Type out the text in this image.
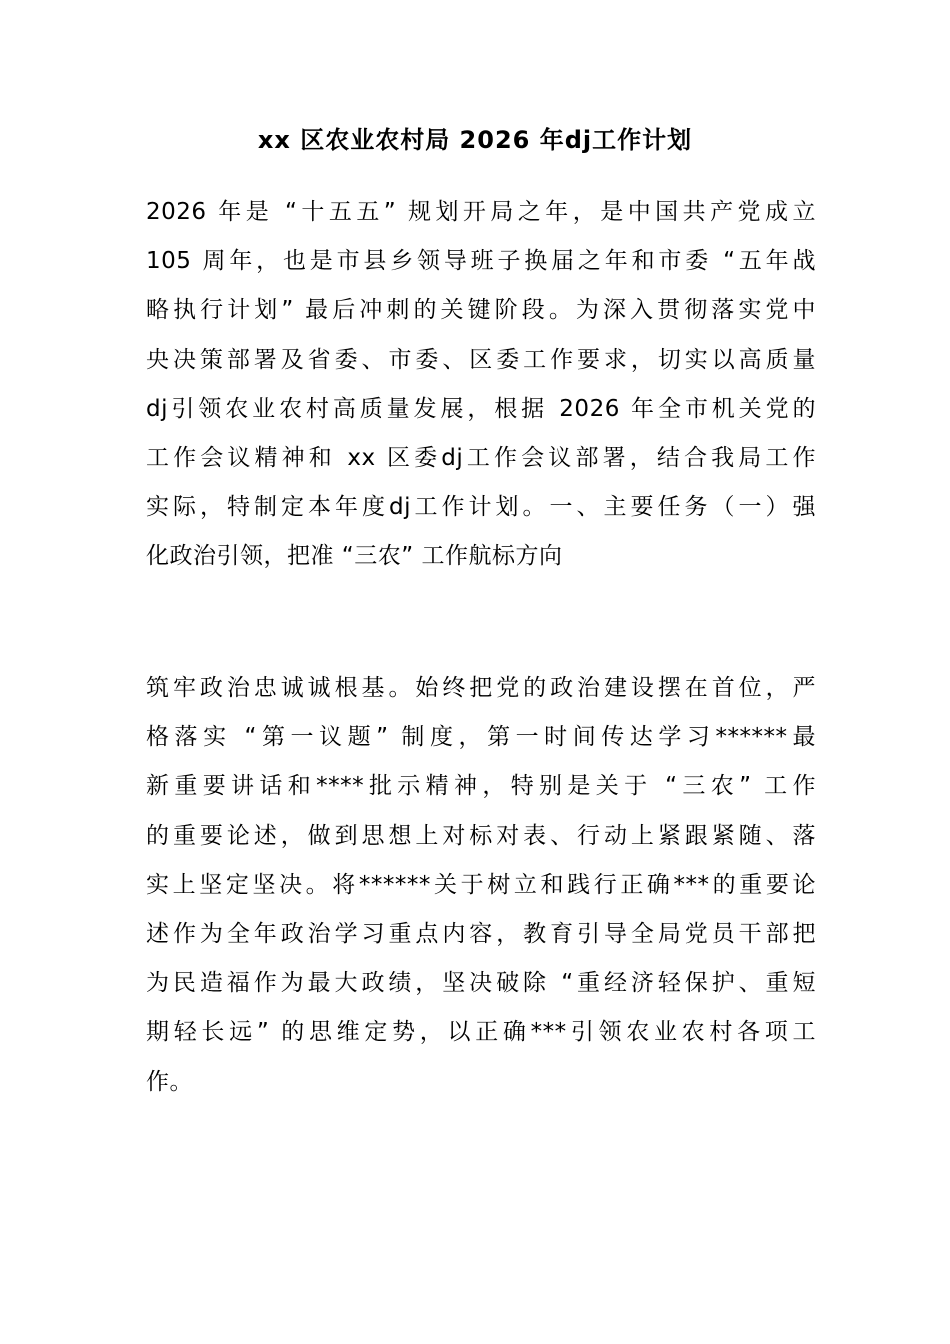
xx 区农业农村局 2026 年dj工作计划
2026 年是 “十五五” 规划开局之年，是中国共产党成立
105 周年，也是市县乡领导班子换届之年和市委 “五年战
略执行计划” 最后冲刺的关键阶段。为深入贯彻落实党中
央决策部署及省委、市委、区委工作要求，切实以高质量
dj引领农业农村高质量发展，根据 2026 年全市机关党的
工作会议精神和 xx 区委dj工作会议部署，结合我局工作
实际，特制定本年度dj工作计划。一、主要任务（一）强
化政治引领，把准 “三农” 工作航标方向
筑牢政治忠诚诚根基。始终把党的政治建设摆在首位，严
格落实 “第一议题” 制度，第一时间传达学习******最
新重要讲话和****批示精神，特别是关于 “三农” 工作
的重要论述，做到思想上对标对表、行动上紧跟紧随、落
实上坚定坚决。将******关于树立和践行正确***的重要论
述作为全年政治学习重点内容，教育引导全局党员干部把
为民造福作为最大政绩，坚决破除 “重经济轻保护、重短
期轻长远” 的思维定势，以正确***引领农业农村各项工
作。
